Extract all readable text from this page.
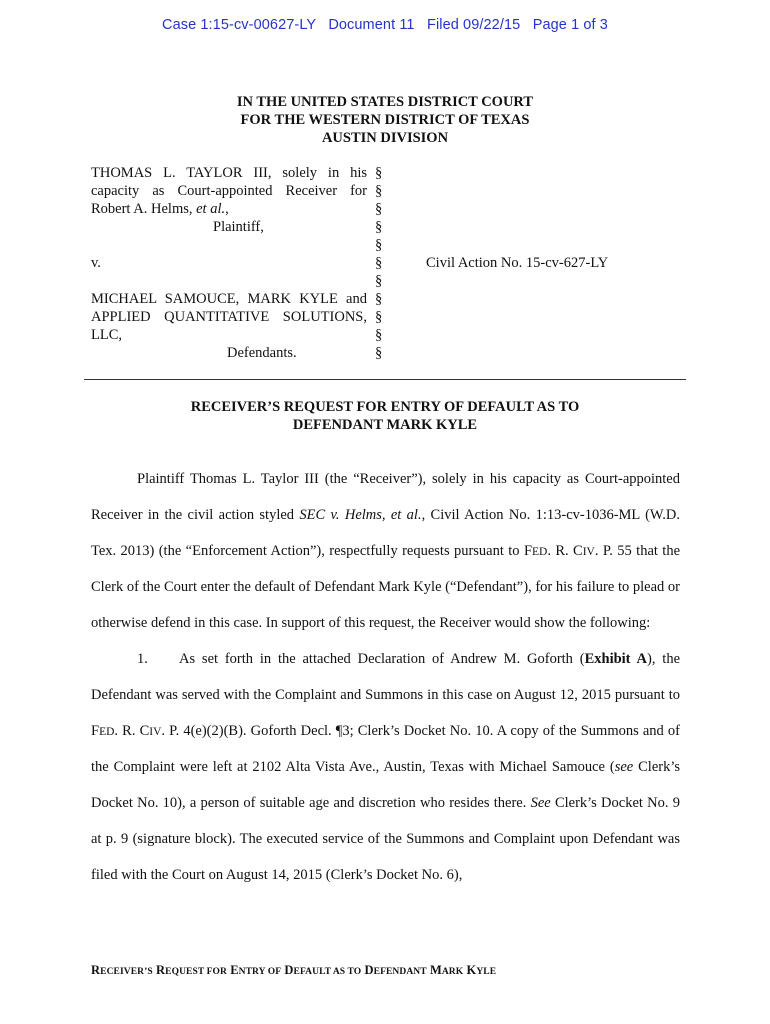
Case 1:15-cv-00627-LY Document 11 Filed 09/22/15 Page 1 of 3
IN THE UNITED STATES DISTRICT COURT
FOR THE WESTERN DISTRICT OF TEXAS
AUSTIN DIVISION
THOMAS L. TAYLOR III, solely in his
capacity as Court-appointed Receiver for
Robert A. Helms, et al.,
Plaintiff,

v.

MICHAEL SAMOUCE, MARK KYLE and
APPLIED QUANTITATIVE SOLUTIONS,
LLC,
Defendants.
§
§
§
§
§
§
§
§
§
§
§
Civil Action No. 15-cv-627-LY
RECEIVER’S REQUEST FOR ENTRY OF DEFAULT AS TO
DEFENDANT MARK KYLE

Plaintiff Thomas L. Taylor III (the “Receiver”), solely in his capacity as Court-appointed Receiver in the civil action styled SEC v. Helms, et al., Civil Action No. 1:13-cv-1036-ML (W.D. Tex. 2013) (the “Enforcement Action”), respectfully requests pursuant to FED. R. CIV. P. 55 that the Clerk of the Court enter the default of Defendant Mark Kyle (“Defendant”), for his failure to plead or otherwise defend in this case. In support of this request, the Receiver would show the following:

1. As set forth in the attached Declaration of Andrew M. Goforth (Exhibit A), the Defendant was served with the Complaint and Summons in this case on August 12, 2015 pursuant to FED. R. CIV. P. 4(e)(2)(B). Goforth Decl. ¶3; Clerk’s Docket No. 10. A copy of the Summons and of the Complaint were left at 2102 Alta Vista Ave., Austin, Texas with Michael Samouce (see Clerk’s Docket No. 10), a person of suitable age and discretion who resides there. See Clerk’s Docket No. 9 at p. 9 (signature block). The executed service of the Summons and Complaint upon Defendant was filed with the Court on August 14, 2015 (Clerk’s Docket No. 6),

RECEIVER’S REQUEST FOR ENTRY OF DEFAULT AS TO DEFENDANT MARK KYLE
